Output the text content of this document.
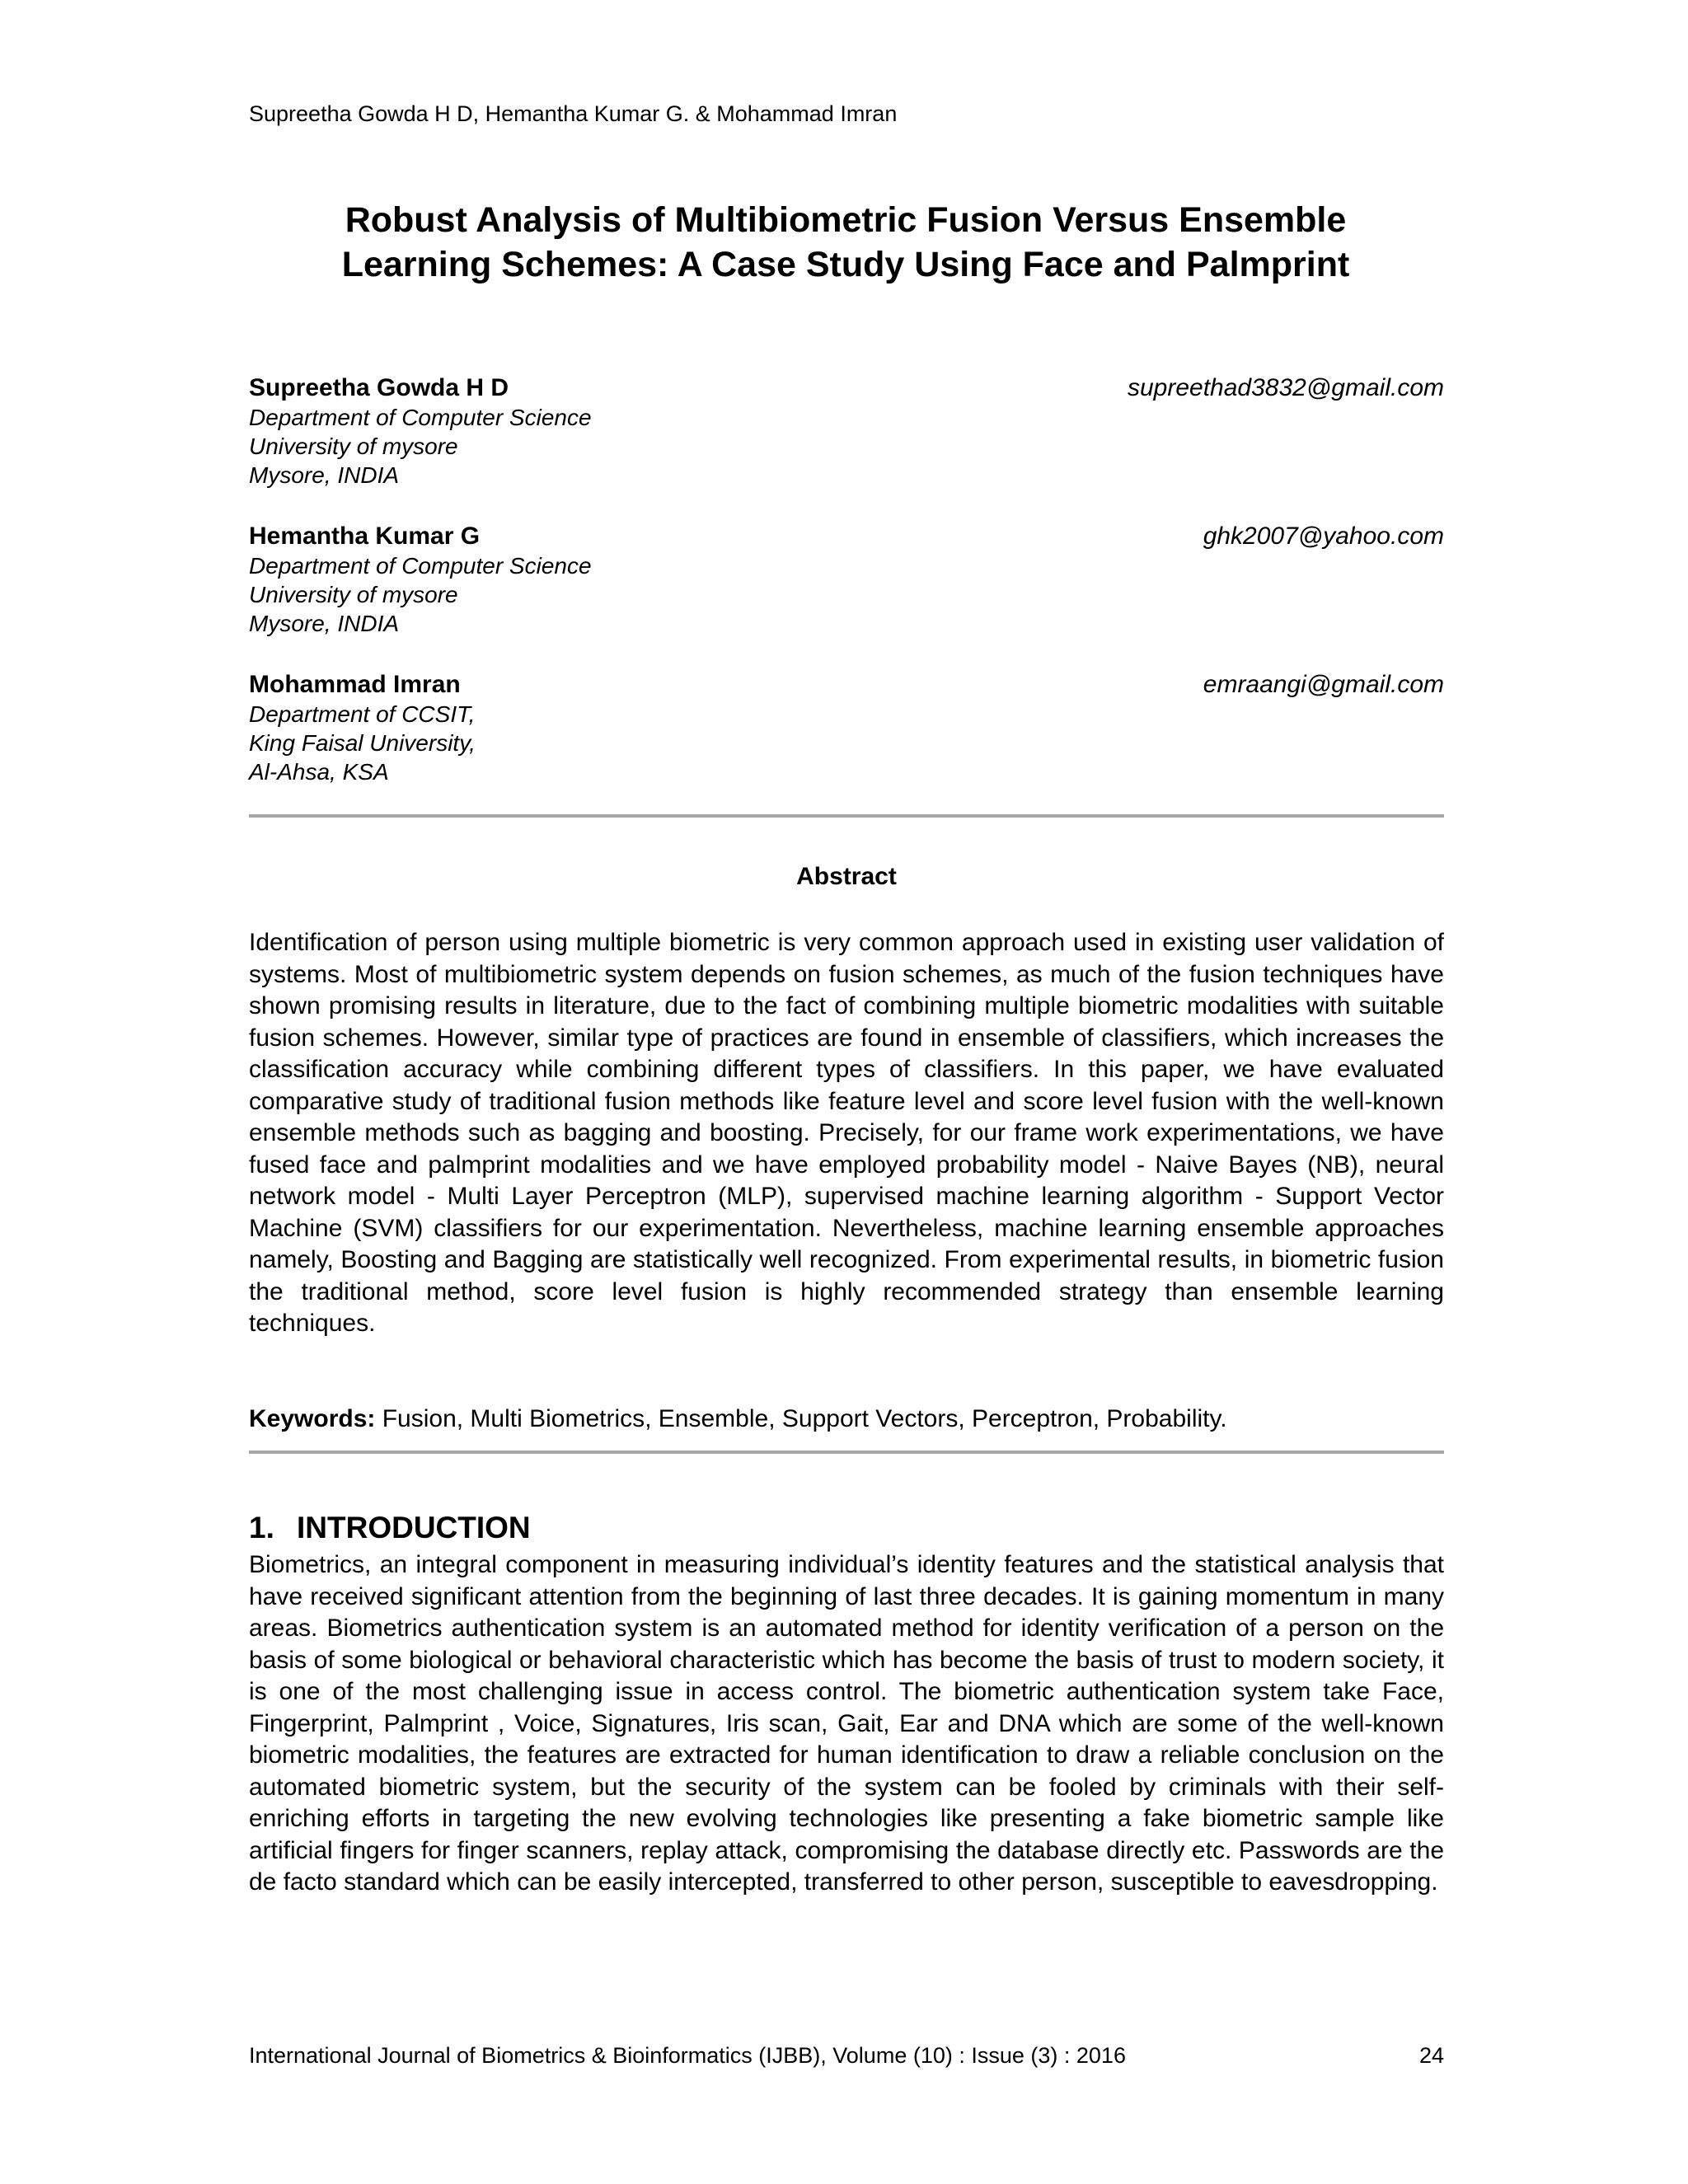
Supreetha Gowda H D, Hemantha Kumar G. & Mohammad Imran
Robust Analysis of Multibiometric Fusion Versus Ensemble
Learning Schemes: A Case Study Using Face and Palmprint
Supreetha Gowda H D	supreethad3832@gmail.com
Department of Computer Science
University of mysore
Mysore, INDIA
Hemantha Kumar G	ghk2007@yahoo.com
Department of Computer Science
University of mysore
Mysore, INDIA
Mohammad Imran	emraangi@gmail.com
Department of CCSIT,
King Faisal University,
Al-Ahsa, KSA
Abstract
Identification of person using multiple biometric is very common approach used in existing user validation of systems. Most of multibiometric system depends on fusion schemes, as much of the fusion techniques have shown promising results in literature, due to the fact of combining multiple biometric modalities with suitable fusion schemes. However, similar type of practices are found in ensemble of classifiers, which increases the classification accuracy while combining different types of classifiers. In this paper, we have evaluated comparative study of traditional fusion methods like feature level and score level fusion with the well-known ensemble methods such as bagging and boosting. Precisely, for our frame work experimentations, we have fused face and palmprint modalities and we have employed probability model - Naive Bayes (NB), neural network model - Multi Layer Perceptron (MLP), supervised machine learning algorithm - Support Vector Machine (SVM) classifiers for our experimentation. Nevertheless, machine learning ensemble approaches namely, Boosting and Bagging are statistically well recognized. From experimental results, in biometric fusion the traditional method, score level fusion is highly recommended strategy than ensemble learning techniques.
Keywords: Fusion, Multi Biometrics, Ensemble, Support Vectors, Perceptron, Probability.
1. INTRODUCTION
Biometrics, an integral component in measuring individual’s identity features and the statistical analysis that have received significant attention from the beginning of last three decades. It is gaining momentum in many areas. Biometrics authentication system is an automated method for identity verification of a person on the basis of some biological or behavioral characteristic which has become the basis of trust to modern society, it is one of the most challenging issue in access control. The biometric authentication system take Face, Fingerprint, Palmprint , Voice, Signatures, Iris scan, Gait, Ear and DNA which are some of the well-known biometric modalities, the features are extracted for human identification to draw a reliable conclusion on the automated biometric system, but the security of the system can be fooled by criminals with their self-enriching efforts in targeting the new evolving technologies like presenting a fake biometric sample like artificial fingers for finger scanners, replay attack, compromising the database directly etc. Passwords are the de facto standard which can be easily intercepted, transferred to other person, susceptible to eavesdropping.
International Journal of Biometrics & Bioinformatics (IJBB), Volume (10) : Issue (3) : 2016	24
